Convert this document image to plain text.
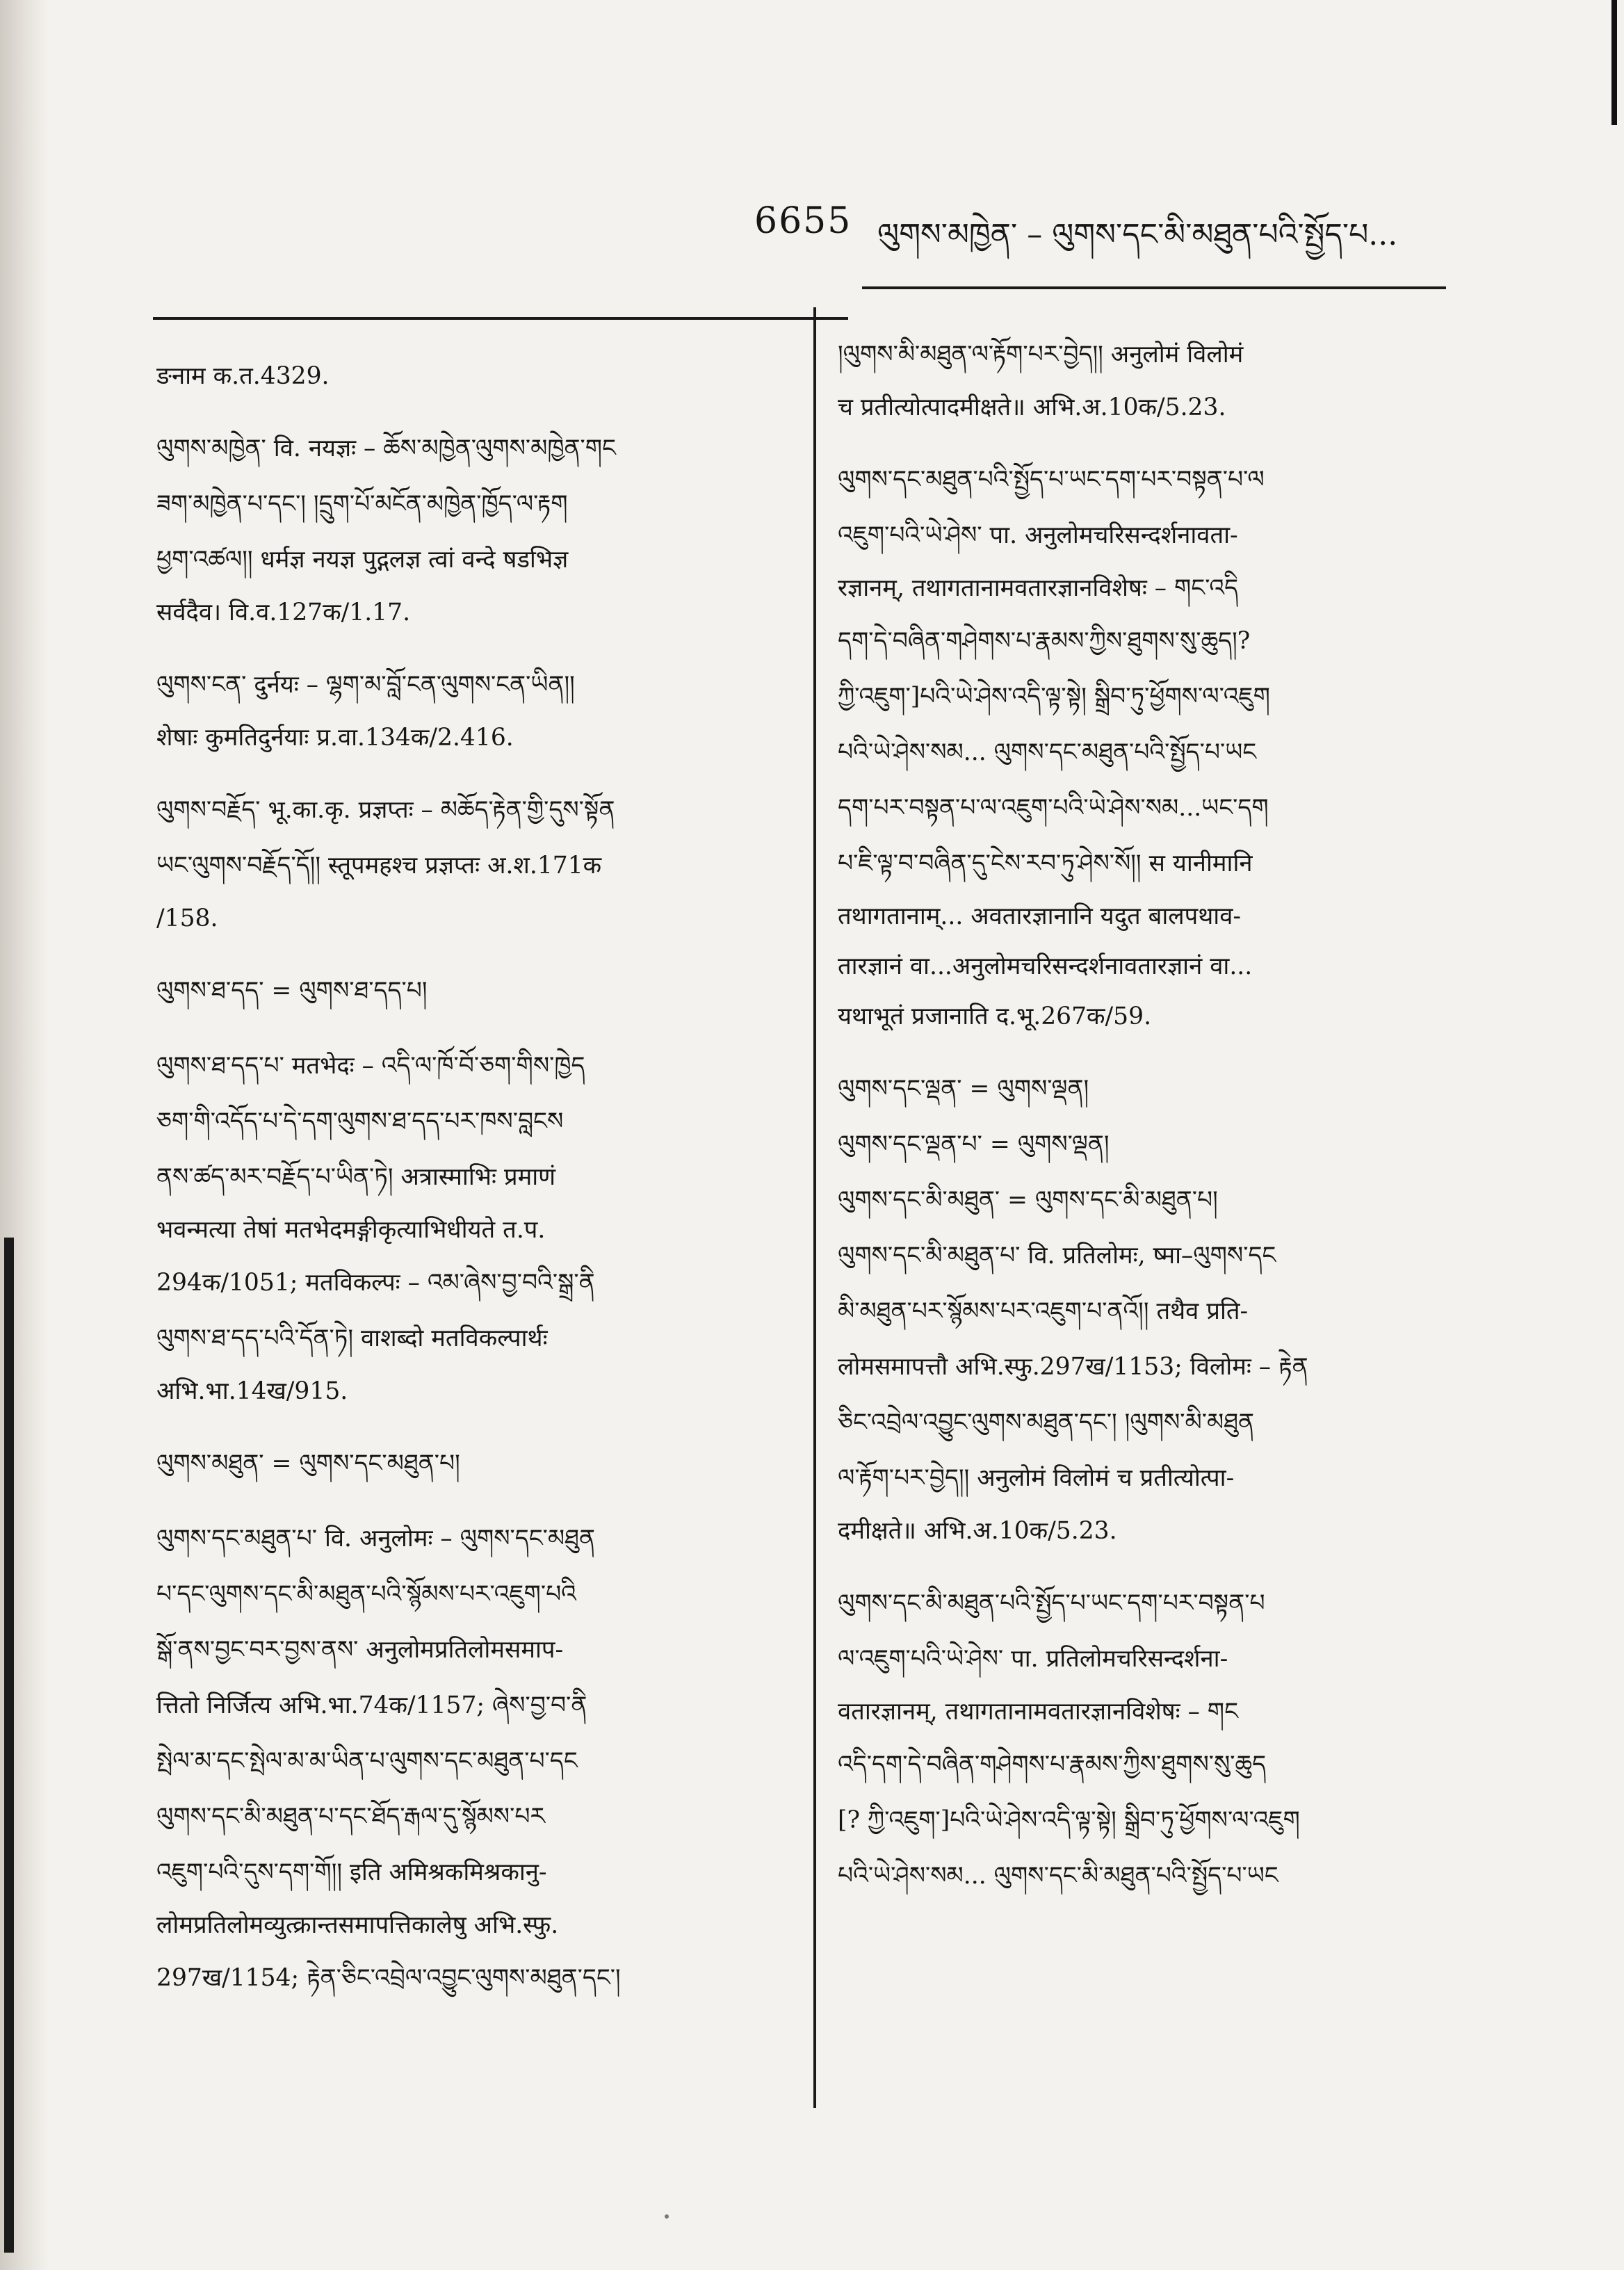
6655 ལུགས་མཁྱེན་ – ལུགས་དང་མི་མཐུན་པའི་སྤྱོད་པ...
ङनाम क.त.4329.
ལུགས་མཁྱེན་ वि. नयज्ञः – ཆོས་མཁྱེན་ལུགས་མཁྱེན་གང
ཟག་མཁྱེན་པ་དང་། །དྲུག་པོ་མངོན་མཁྱེན་ཁྱོད་ལ་རྟག
ཕྱག་འཚལ།། धर्मज्ञ नयज्ञ पुद्गलज्ञ त्वां वन्दे षडभिज्ञ
सर्वदैव। वि.व.127क/1.17.
ལུགས་ངན་ दुर्नयः – ལྷག་མ་བློ་ངན་ལུགས་ངན་ཡིན།།
शेषाः कुमतिदुर्नयाः प्र.वा.134क/2.416.
ལུགས་བརྗོད་ भू.का.कृ. प्रज्ञप्तः – མཆོད་རྟེན་གྱི་དུས་སྟོན
ཡང་ལུགས་བརྗོད་དོ།། स्तूपमहश्च प्रज्ञप्तः अ.श.171क
/158.
ལུགས་ཐ་དད་ = ལུགས་ཐ་དད་པ།
ལུགས་ཐ་དད་པ་ मतभेदः – འདི་ལ་ཁོ་བོ་ཅག་གིས་ཁྱེད
ཅག་གི་འདོད་པ་དེ་དག་ལུགས་ཐ་དད་པར་ཁས་བླངས
ནས་ཚད་མར་བརྗོད་པ་ཡིན་ཏེ། अत्रास्माभिः प्रमाणं
भवन्मत्या तेषां मतभेदमङ्गीकृत्याभिधीयते त.प.
294क/1051; मतविकल्पः – འམ་ཞེས་བྱ་བའི་སྒྲ་ནི
ལུགས་ཐ་དད་པའི་དོན་ཏེ། वाशब्दो मतविकल्पार्थः
अभि.भा.14ख/915.
ལུགས་མཐུན་ = ལུགས་དང་མཐུན་པ།
ལུགས་དང་མཐུན་པ་ वि. अनुलोमः – ལུགས་དང་མཐུན
པ་དང་ལུགས་དང་མི་མཐུན་པའི་སྙོམས་པར་འཇུག་པའི
སྒོ་ནས་བྱང་བར་བྱས་ནས་ अनुलोमप्रतिलोमसमाप-
त्तितो निर्जित्य अभि.भा.74क/1157; ཞེས་བྱ་བ་ནི
སྤེལ་མ་དང་སྤེལ་མ་མ་ཡིན་པ་ལུགས་དང་མཐུན་པ་དང
ལུགས་དང་མི་མཐུན་པ་དང་ཐོད་རྒལ་དུ་སྙོམས་པར
འཇུག་པའི་དུས་དག་གོ།། इति अमिश्रकमिश्रकानु-
लोमप्रतिलोमव्युत्क्रान्तसमापत्तिकालेषु अभि.स्फु.
297ख/1154; རྟེན་ཅིང་འབྲེལ་འབྱུང་ལུགས་མཐུན་དང་།
།ལུགས་མི་མཐུན་ལ་རྟོག་པར་བྱེད།། अनुलोमं विलोमं
च प्रतीत्योत्पादमीक्षते॥ अभि.अ.10क/5.23.
ལུགས་དང་མཐུན་པའི་སྤྱོད་པ་ཡང་དག་པར་བསྟན་པ་ལ
འཇུག་པའི་ཡེ་ཤེས་ पा. अनुलोमचरिसन्दर्शनावता-
रज्ञानम्, तथागतानामवतारज्ञानविशेषः – གང་འདི
དག་དེ་བཞིན་གཤེགས་པ་རྣམས་ཀྱིས་ཐུགས་སུ་ཆུད།?
ཀྱི་འཇུག་]པའི་ཡེ་ཤེས་འདི་ལྟ་སྟེ། སྒྲིབ་ཏུ་ཕྱོགས་ལ་འཇུག
པའི་ཡེ་ཤེས་སམ... ལུགས་དང་མཐུན་པའི་སྤྱོད་པ་ཡང
དག་པར་བསྟན་པ་ལ་འཇུག་པའི་ཡེ་ཤེས་སམ...ཡང་དག
པ་ཇི་ལྟ་བ་བཞིན་དུ་ངེས་རབ་ཏུ་ཤེས་སོ།། स यानीमानि
तथागतानाम्... अवतारज्ञानानि यदुत बालपथाव-
तारज्ञानं वा...अनुलोमचरिसन्दर्शनावतारज्ञानं वा...
यथाभूतं प्रजानाति द.भू.267क/59.
ལུགས་དང་ལྡན་ = ལུགས་ལྡན།
ལུགས་དང་ལྡན་པ་ = ལུགས་ལྡན།
ལུགས་དང་མི་མཐུན་ = ལུགས་དང་མི་མཐུན་པ།
ལུགས་དང་མི་མཐུན་པ་ वि. प्रतिलोमः, ष्मा–ལུགས་དང
མི་མཐུན་པར་སྙོམས་པར་འཇུག་པ་ནའོ།། तथैव प्रति-
लोमसमापत्तौ अभि.स्फु.297ख/1153; विलोमः – རྟེན
ཅིང་འབྲེལ་འབྱུང་ལུགས་མཐུན་དང་། །ལུགས་མི་མཐུན
ལ་རྟོག་པར་བྱེད།། अनुलोमं विलोमं च प्रतीत्योत्पा-
दमीक्षते॥ अभि.अ.10क/5.23.
ལུགས་དང་མི་མཐུན་པའི་སྤྱོད་པ་ཡང་དག་པར་བསྟན་པ
ལ་འཇུག་པའི་ཡེ་ཤེས་ पा. प्रतिलोमचरिसन्दर्शना-
वतारज्ञानम्, तथागतानामवतारज्ञानविशेषः – གང
འདི་དག་དེ་བཞིན་གཤེགས་པ་རྣམས་ཀྱིས་ཐུགས་སུ་ཆུད
[? ཀྱི་འཇུག་]པའི་ཡེ་ཤེས་འདི་ལྟ་སྟེ། སྒྲིབ་ཏུ་ཕྱོགས་ལ་འཇུག
པའི་ཡེ་ཤེས་སམ... ལུགས་དང་མི་མཐུན་པའི་སྤྱོད་པ་ཡང
